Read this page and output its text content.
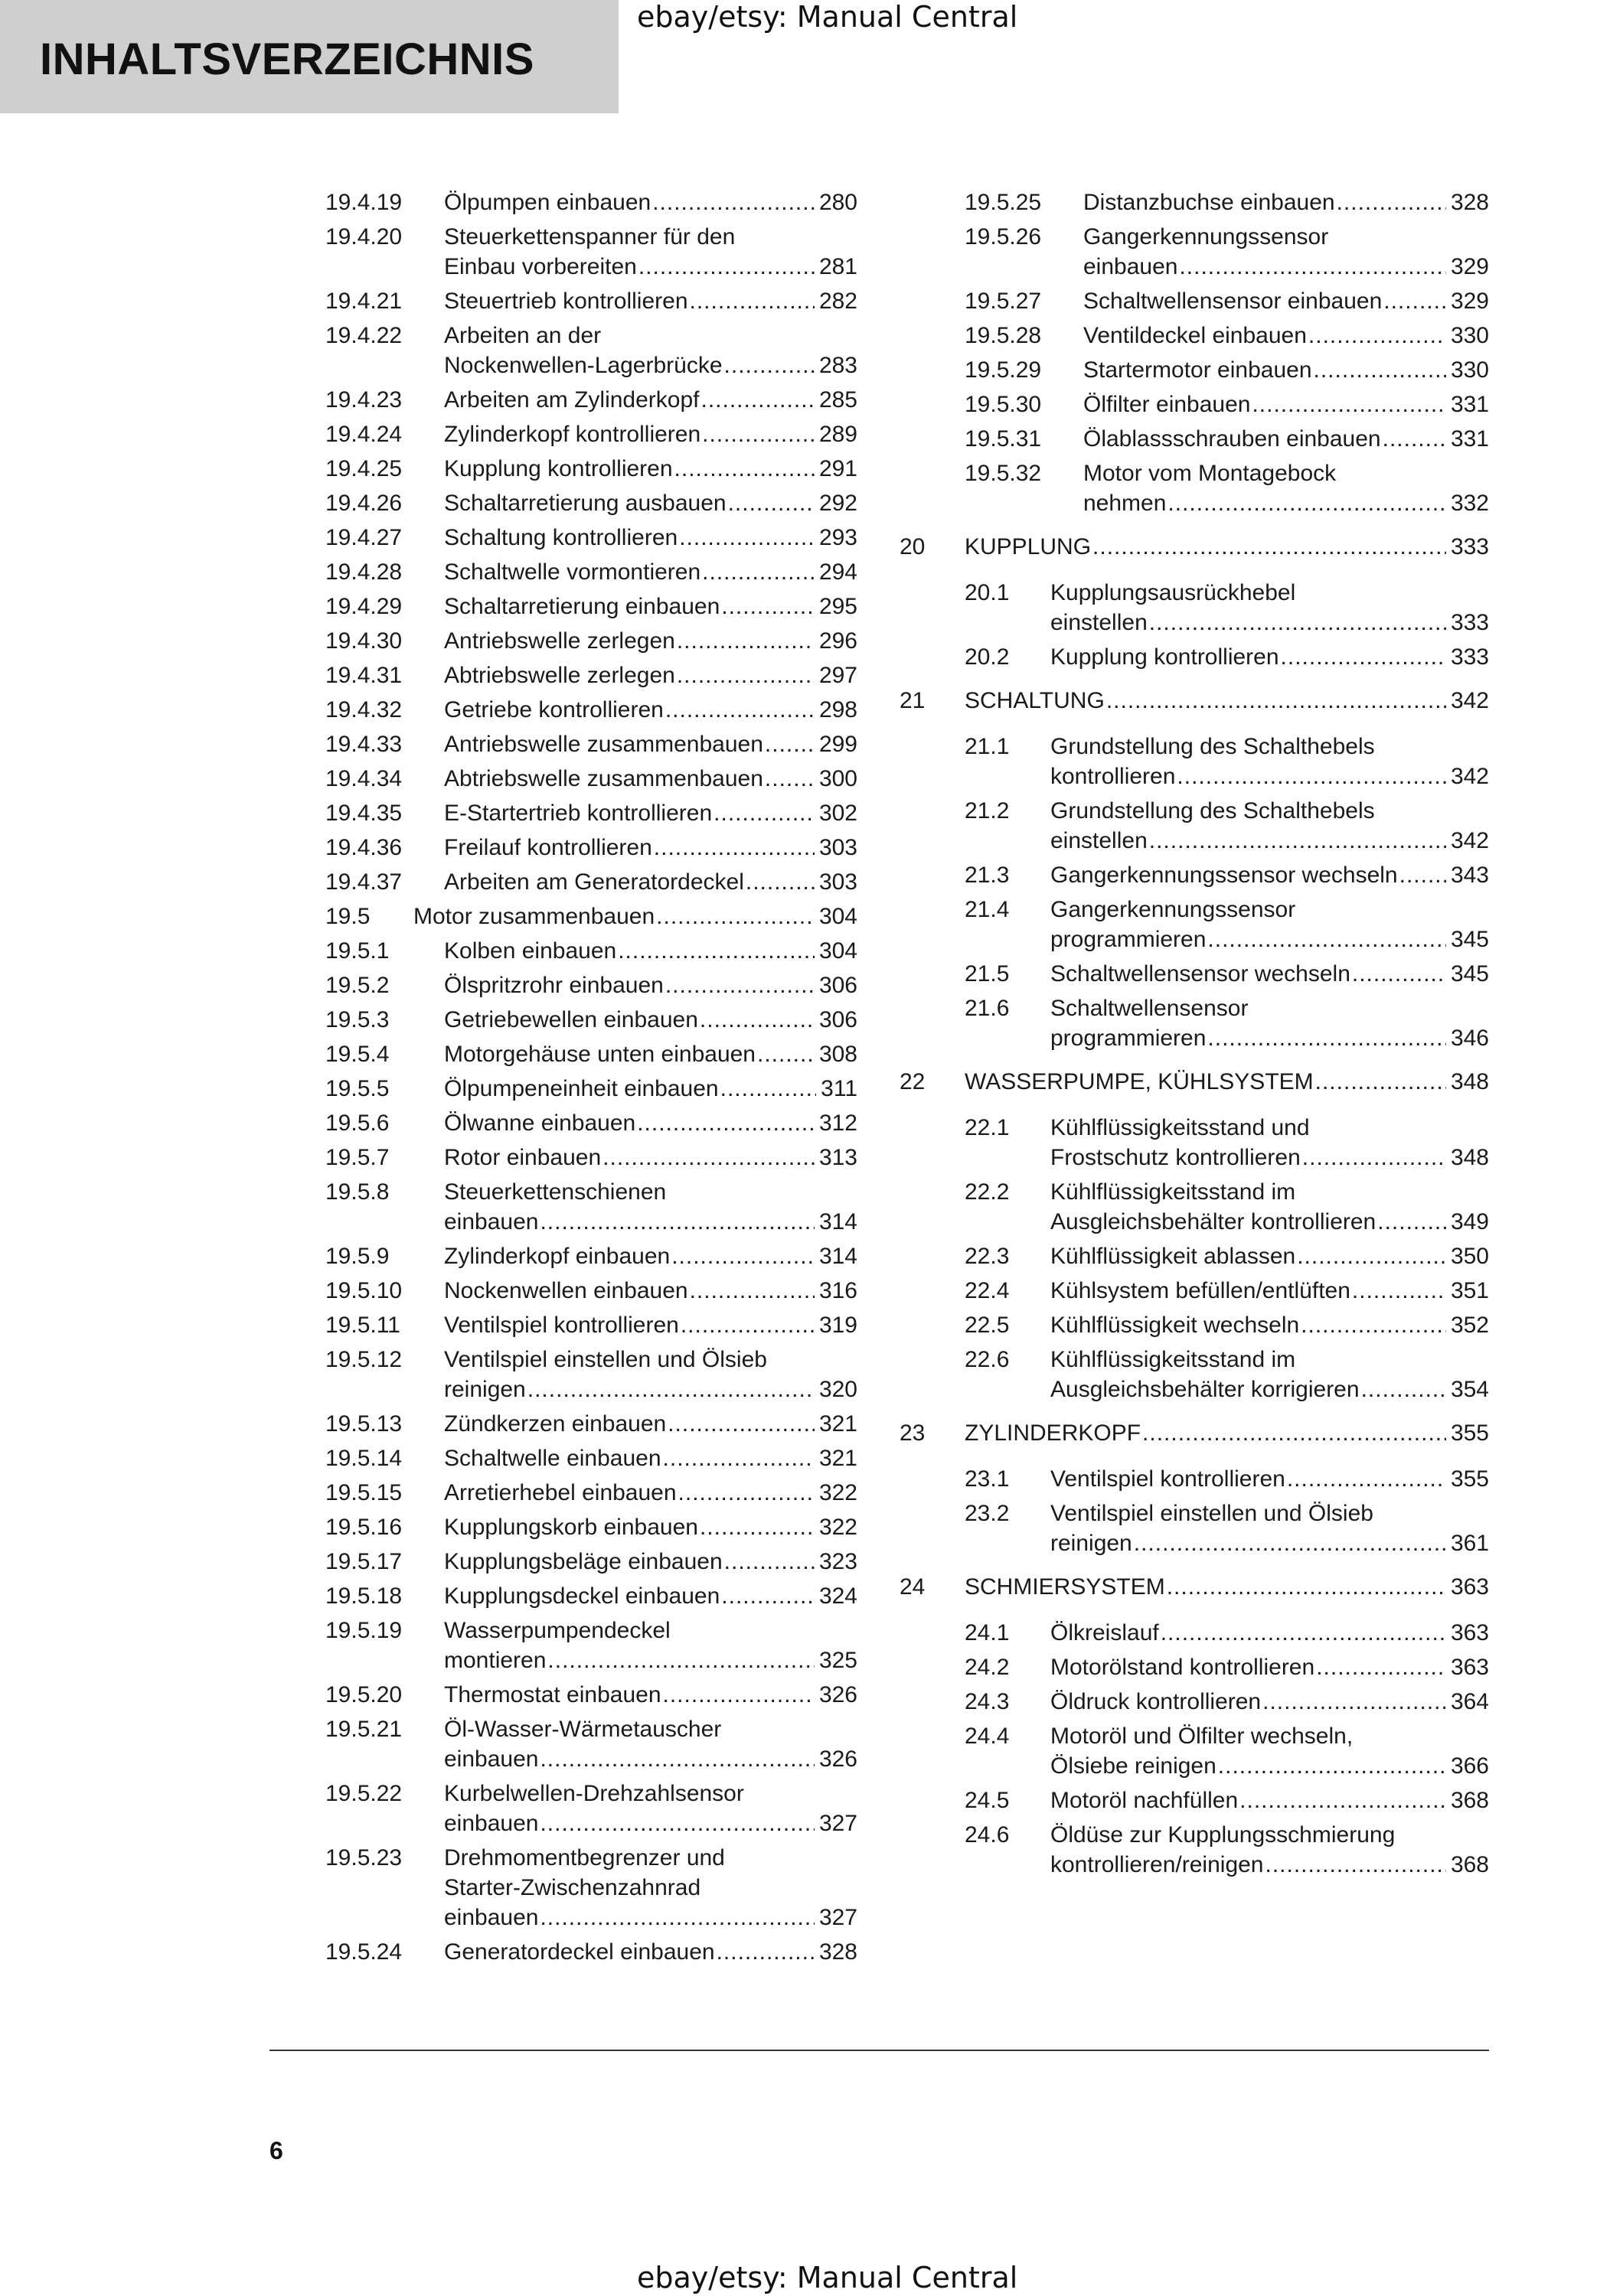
INHALTSVERZEICHNIS
ebay/etsy: Manual Central
19.4.19 Ölpumpen einbauen .....	280
19.4.20 Steuerkettenspanner für den
Einbau vorbereiten .....	281
19.4.21 Steuertrieb kontrollieren .....	282
19.4.22 Arbeiten an der
Nockenwellen-Lagerbrücke .....	283
19.4.23 Arbeiten am Zylinderkopf .....	285
19.4.24 Zylinderkopf kontrollieren .....	289
19.4.25 Kupplung kontrollieren .....	291
19.4.26 Schaltarretierung ausbauen .....	292
19.4.27 Schaltung kontrollieren .....	293
19.4.28 Schaltwelle vormontieren .....	294
19.4.29 Schaltarretierung einbauen .....	295
19.4.30 Antriebswelle zerlegen .....	296
19.4.31 Abtriebswelle zerlegen .....	297
19.4.32 Getriebe kontrollieren .....	298
19.4.33 Antriebswelle zusammenbauen ..... 299
19.4.34 Abtriebswelle zusammenbauen ..... 300
19.4.35 E-Startertrieb kontrollieren .....	302
19.4.36 Freilauf kontrollieren .....	303
19.4.37 Arbeiten am Generatordeckel .....	303
19.5 Motor zusammenbauen .....	304
19.5.1 Kolben einbauen .....	304
19.5.2 Ölspritzrohr einbauen .....	306
19.5.3 Getriebewellen einbauen .....	306
19.5.4 Motorgehäuse unten einbauen .....	308
19.5.5 Ölpumpeneinheit einbauen .....	311
19.5.6 Ölwanne einbauen .....	312
19.5.7 Rotor einbauen .....	313
19.5.8 Steuerkettenschienen
einbauen .....	314
19.5.9 Zylinderkopf einbauen .....	314
19.5.10 Nockenwellen einbauen .....	316
19.5.11 Ventilspiel kontrollieren .....	319
19.5.12 Ventilspiel einstellen und Ölsieb
reinigen .....	320
19.5.13 Zündkerzen einbauen .....	321
19.5.14 Schaltwelle einbauen .....	321
19.5.15 Arretierhebel einbauen .....	322
19.5.16 Kupplungskorb einbauen .....	322
19.5.17 Kupplungsbeläge einbauen .....	323
19.5.18 Kupplungsdeckel einbauen .....	324
19.5.19 Wasserpumpendeckel
montieren .....	325
19.5.20 Thermostat einbauen .....	326
19.5.21 Öl-Wasser-Wärmetauscher
einbauen .....	326
19.5.22 Kurbelwellen-Drehzahlsensor
einbauen .....	327
19.5.23 Drehmomentbegrenzer und
Starter-Zwischenzahnrad
einbauen .....	327
19.5.24 Generatordeckel einbauen .....	328
19.5.25 Distanzbuchse einbauen .....	328
19.5.26 Gangerkennungssensor
einbauen .....	329
19.5.27 Schaltwellensensor einbauen .....	329
19.5.28 Ventildeckel einbauen .....	330
19.5.29 Startermotor einbauen .....	330
19.5.30 Ölfilter einbauen .....	331
19.5.31 Ölablassschrauben einbauen .....	331
19.5.32 Motor vom Montagebock
nehmen .....	332
20 KUPPLUNG .....	333
20.1 Kupplungsausrückhebel
einstellen .....	333
20.2 Kupplung kontrollieren .....	333
21 SCHALTUNG .....	342
21.1 Grundstellung des Schalthebels
kontrollieren .....	342
21.2 Grundstellung des Schalthebels
einstellen .....	342
21.3 Gangerkennungssensor wechseln ..... 343
21.4 Gangerkennungssensor
programmieren .....	345
21.5 Schaltwellensensor wechseln .....	345
21.6 Schaltwellensensor
programmieren .....	346
22 WASSERPUMPE, KÜHLSYSTEM .....	348
22.1 Kühlflüssigkeitsstand und
Frostschutz kontrollieren .....	348
22.2 Kühlflüssigkeitsstand im
Ausgleichsbehälter kontrollieren .....	349
22.3 Kühlflüssigkeit ablassen .....	350
22.4 Kühlsystem befüllen/entlüften .....	351
22.5 Kühlflüssigkeit wechseln .....	352
22.6 Kühlflüssigkeitsstand im
Ausgleichsbehälter korrigieren .....	354
23 ZYLINDERKOPF .....	355
23.1 Ventilspiel kontrollieren .....	355
23.2 Ventilspiel einstellen und Ölsieb
reinigen .....	361
24 SCHMIERSYSTEM .....	363
24.1 Ölkreislauf .....	363
24.2 Motorölstand kontrollieren .....	363
24.3 Öldruck kontrollieren .....	364
24.4 Motoröl und Ölfilter wechseln,
Ölsiebe reinigen .....	366
24.5 Motoröl nachfüllen .....	368
24.6 Öldüse zur Kupplungsschmierung
kontrollieren/reinigen .....	368
6
ebay/etsy: Manual Central
